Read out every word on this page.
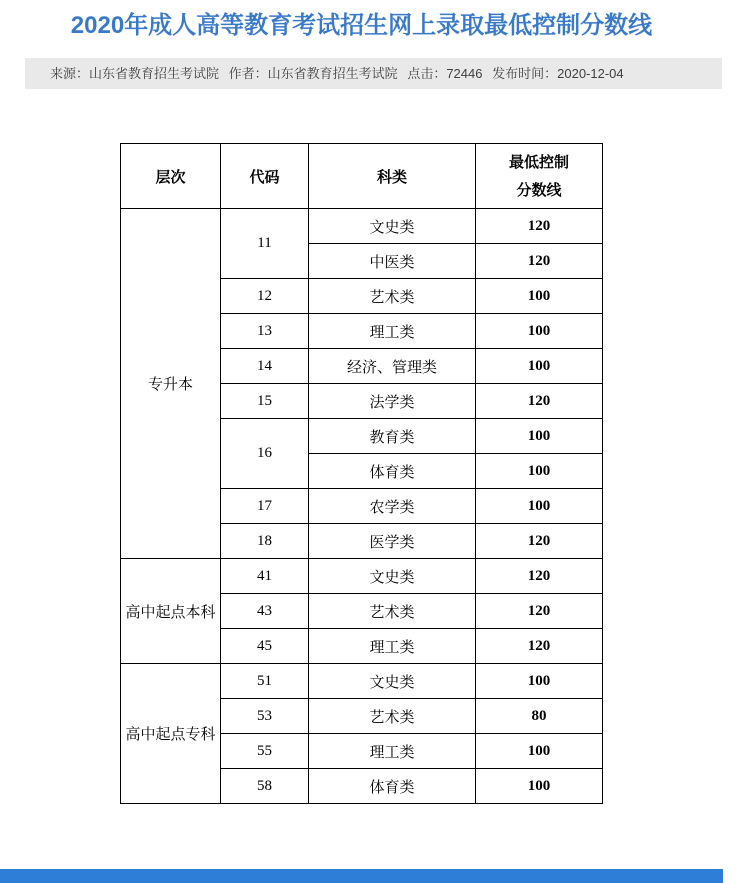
2020年成人高等教育考试招生网上录取最低控制分数线
来源：山东省教育招生考试院 作者：山东省教育招生考试院 点击：72446 发布时间：2020-12-04
层次	代码	科类	最低控制
分数线

专升本	11	文史类	120
		中医类	120
	12	艺术类	100
	13	理工类	100
	14	经济、管理类	100
	15	法学类	120
	16	教育类	100
		体育类	100
	17	农学类	100
	18	医学类	120
高中起点本科	41	文史类	120
	43	艺术类	120
	45	理工类	120
高中起点专科	51	文史类	100
	53	艺术类	80
	55	理工类	100
	58	体育类	100
